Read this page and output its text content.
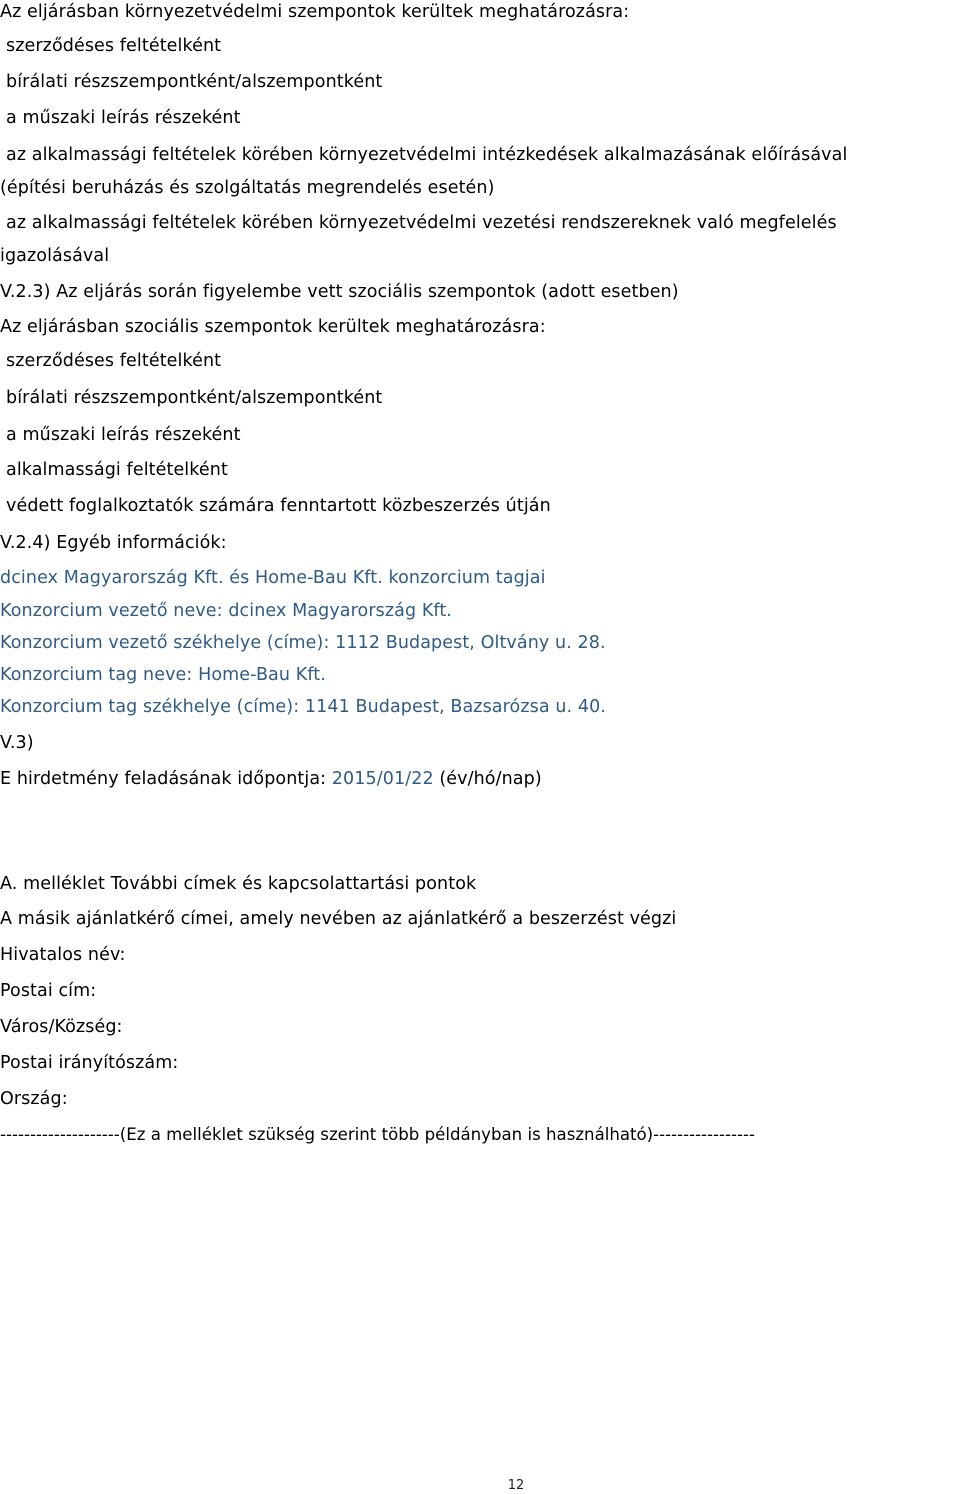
Az eljárásban környezetvédelmi szempontok kerültek meghatározásra:
szerződéses feltételként
bírálati részszempontként/alszempontként
a műszaki leírás részeként
az alkalmassági feltételek körében környezetvédelmi intézkedések alkalmazásának előírásával
(építési beruházás és szolgáltatás megrendelés esetén)
az alkalmassági feltételek körében környezetvédelmi vezetési rendszereknek való megfelelés
igazolásával
V.2.3) Az eljárás során figyelembe vett szociális szempontok (adott esetben)
Az eljárásban szociális szempontok kerültek meghatározásra:
szerződéses feltételként
bírálati részszempontként/alszempontként
a műszaki leírás részeként
alkalmassági feltételként
védett foglalkoztatók számára fenntartott közbeszerzés útján
V.2.4) Egyéb információk:
dcinex Magyarország Kft. és Home-Bau Kft. konzorcium tagjai
Konzorcium vezető neve: dcinex Magyarország Kft.
Konzorcium vezető székhelye (címe): 1112 Budapest, Oltvány u. 28.
Konzorcium tag neve: Home-Bau Kft.
Konzorcium tag székhelye (címe): 1141 Budapest, Bazsarózsa u. 40.
V.3)
E hirdetmény feladásának időpontja: 2015/01/22 (év/hó/nap)
A. melléklet További címek és kapcsolattartási pontok
A másik ajánlatkérő címei, amely nevében az ajánlatkérő a beszerzést végzi
Hivatalos név:
Postai cím:
Város/Község:
Postai irányítószám:
Ország:
--------------------(Ez a melléklet szükség szerint több példányban is használható)-----------------
12
